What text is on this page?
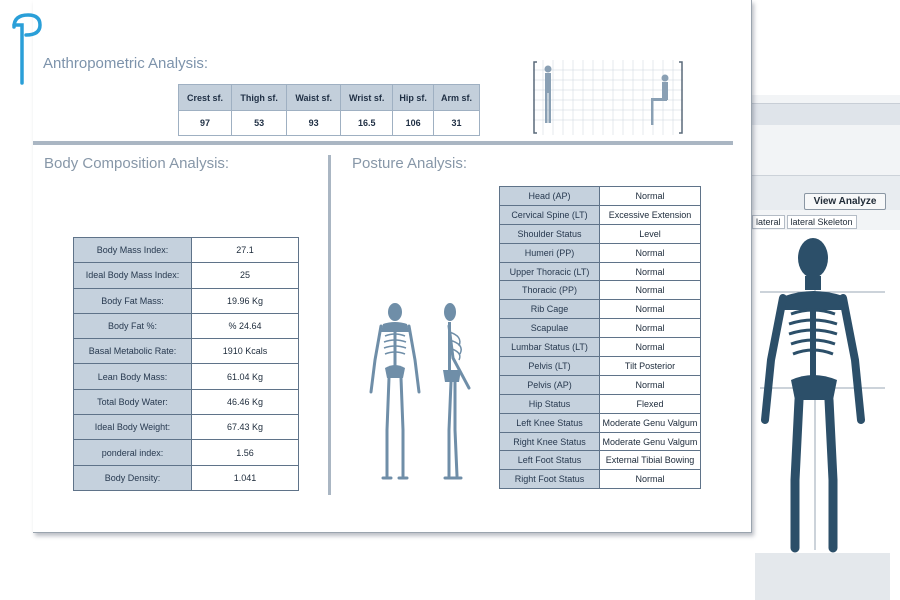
View Analyze
lateral	lateral Skeleton
Anthropometric Analysis:
Crest sf.	Thigh sf.	Waist sf.	Wrist sf.	Hip sf.	Arm sf.
97	53	93	16.5	106	31
Body Composition Analysis:	Posture Analysis:
Body Mass Index:	27.1
Ideal Body Mass Index:	25
Body Fat Mass:	19.96 Kg
Body Fat %:	% 24.64
Basal Metabolic Rate:	1910 Kcals
Lean Body Mass:	61.04 Kg
Total Body Water:	46.46 Kg
Ideal Body Weight:	67.43 Kg
ponderal index:	1.56
Body Density:	1.041
Head (AP)	Normal
Cervical Spine (LT)	Excessive Extension
Shoulder Status	Level
Humeri (PP)	Normal
Upper Thoracic (LT)	Normal
Thoracic (PP)	Normal
Rib Cage	Normal
Scapulae	Normal
Lumbar Status (LT)	Normal
Pelvis (LT)	Tilt Posterior
Pelvis (AP)	Normal
Hip Status	Flexed
Left Knee Status	Moderate Genu Valgum
Right Knee Status	Moderate Genu Valgum
Left Foot Status	External Tibial Bowing
Right Foot Status	Normal
